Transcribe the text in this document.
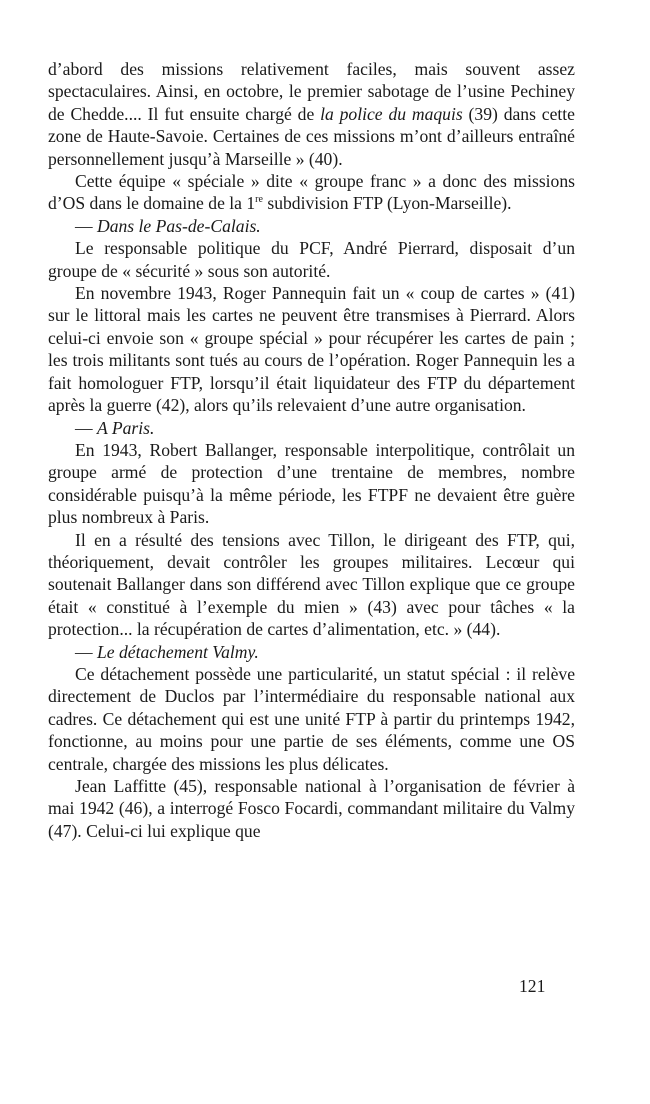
d’abord des missions relativement faciles, mais souvent assez spectaculaires. Ainsi, en octobre, le premier sabotage de l’usine Pechiney de Chedde.... Il fut ensuite chargé de la police du maquis (39) dans cette zone de Haute-Savoie. Certaines de ces missions m’ont d’ailleurs entraîné personnellement jusqu’à Marseille » (40).

Cette équipe « spéciale » dite « groupe franc » a donc des missions d’OS dans le domaine de la 1re subdivision FTP (Lyon-Marseille).

— Dans le Pas-de-Calais.

Le responsable politique du PCF, André Pierrard, disposait d’un groupe de « sécurité » sous son autorité.

En novembre 1943, Roger Pannequin fait un « coup de cartes » (41) sur le littoral mais les cartes ne peuvent être transmises à Pierrard. Alors celui-ci envoie son « groupe spécial » pour récupérer les cartes de pain ; les trois militants sont tués au cours de l’opération. Roger Pannequin les a fait homologuer FTP, lorsqu’il était liquidateur des FTP du département après la guerre (42), alors qu’ils relevaient d’une autre organisation.

— A Paris.

En 1943, Robert Ballanger, responsable interpolitique, contrôlait un groupe armé de protection d’une trentaine de membres, nombre considérable puisqu’à la même période, les FTPF ne devaient être guère plus nombreux à Paris.

Il en a résulté des tensions avec Tillon, le dirigeant des FTP, qui, théoriquement, devait contrôler les groupes militaires. Lecœur qui soutenait Ballanger dans son différend avec Tillon explique que ce groupe était « constitué à l’exemple du mien » (43) avec pour tâches « la protection... la récupération de cartes d’alimentation, etc. » (44).

— Le détachement Valmy.

Ce détachement possède une particularité, un statut spécial : il relève directement de Duclos par l’intermédiaire du responsable national aux cadres. Ce détachement qui est une unité FTP à partir du printemps 1942, fonctionne, au moins pour une partie de ses éléments, comme une OS centrale, chargée des missions les plus délicates.

Jean Laffitte (45), responsable national à l’organisation de février à mai 1942 (46), a interrogé Fosco Focardi, commandant militaire du Valmy (47). Celui-ci lui explique que

121
